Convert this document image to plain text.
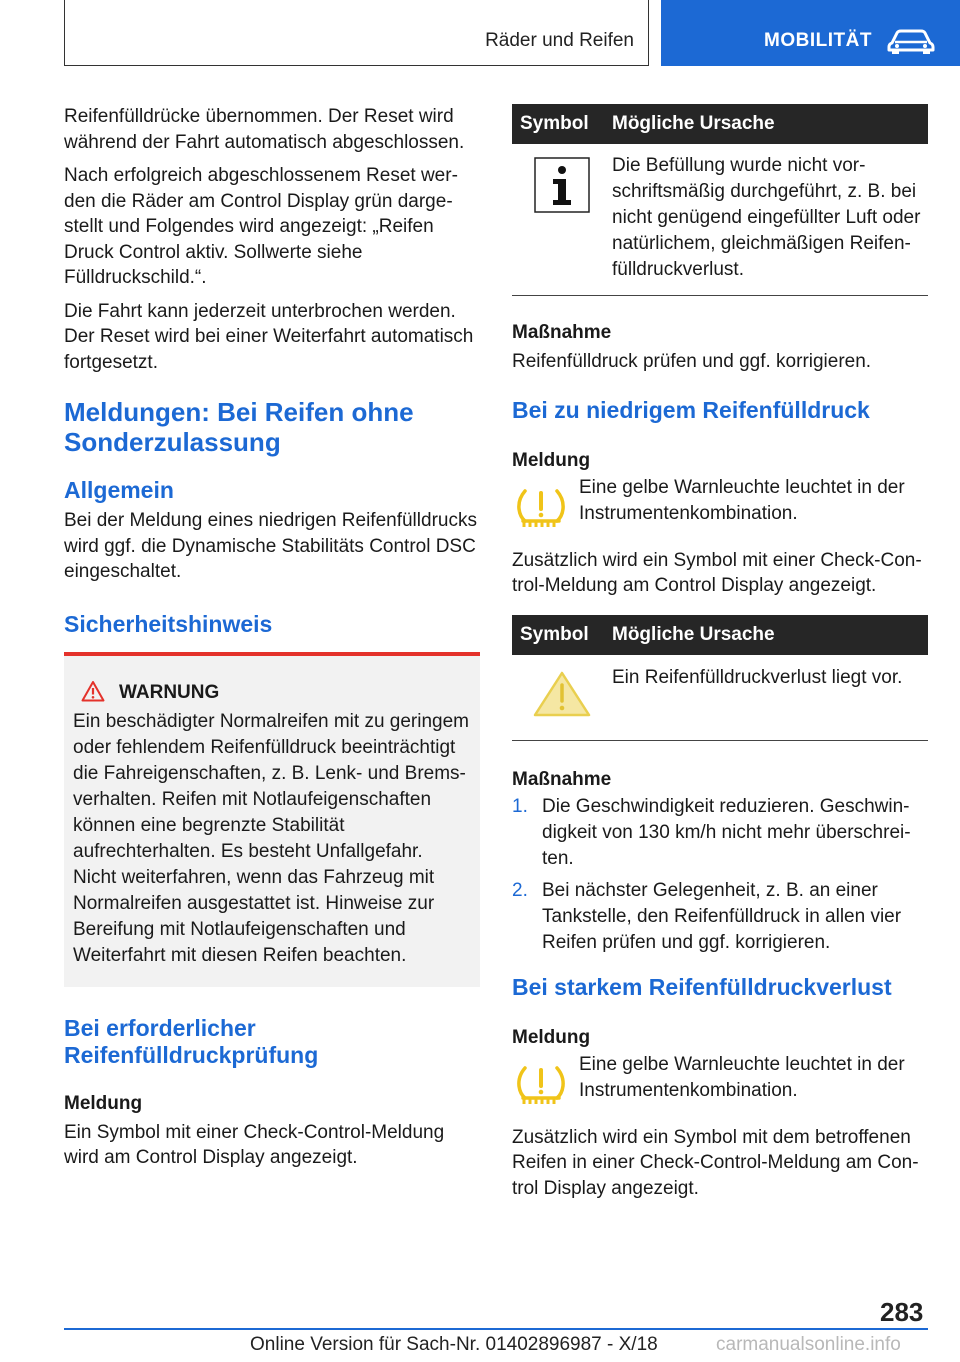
Räder und Reifen	MOBILITÄT

Reifenfülldrücke übernommen. Der Reset wird während der Fahrt automatisch abgeschlossen.

Nach erfolgreich abgeschlossenem Reset werden die Räder am Control Display grün dargestellt und Folgendes wird angezeigt: „Reifen Druck Control aktiv. Sollwerte siehe Fülldruckschild.“.

Die Fahrt kann jederzeit unterbrochen werden. Der Reset wird bei einer Weiterfahrt automatisch fortgesetzt.

Meldungen: Bei Reifen ohne Sonderzulassung
Allgemein

Bei der Meldung eines niedrigen Reifenfülldrucks wird ggf. die Dynamische Stabilitäts Control DSC eingeschaltet.

Sicherheitshinweis
WARNUNG

Ein beschädigter Normalreifen mit zu geringem oder fehlendem Reifenfülldruck beeinträchtigt die Fahreigenschaften, z. B. Lenk- und Bremsverhalten. Reifen mit Notlaufeigenschaften können eine begrenzte Stabilität aufrechterhalten. Es besteht Unfallgefahr. Nicht weiterfahren, wenn das Fahrzeug mit Normalreifen ausgestattet ist. Hinweise zur Bereifung mit Notlaufeigenschaften und Weiterfahrt mit diesen Reifen beachten.

Bei erforderlicher Reifenfülldruckprüfung
Meldung

Ein Symbol mit einer Check-Control-Meldung wird am Control Display angezeigt.

Symbol	Mögliche Ursache
Die Befüllung wurde nicht vorschriftsmäßig durchgeführt, z. B. bei nicht genügend eingefüllter Luft oder natürlichem, gleichmäßigen Reifenfülldruckverlust.
Maßnahme

Reifenfülldruck prüfen und ggf. korrigieren.

Bei zu niedrigem Reifenfülldruck
Meldung
Eine gelbe Warnleuchte leuchtet in der Instrumentenkombination.

Zusätzlich wird ein Symbol mit einer Check-Control-Meldung am Control Display angezeigt.

Symbol	Mögliche Ursache
Ein Reifenfülldruckverlust liegt vor.
Maßnahme
1. Die Geschwindigkeit reduzieren. Geschwindigkeit von 130 km/h nicht mehr überschreiten.
2. Bei nächster Gelegenheit, z. B. an einer Tankstelle, den Reifenfülldruck in allen vier Reifen prüfen und ggf. korrigieren.
Bei starkem Reifenfülldruckverlust
Meldung
Eine gelbe Warnleuchte leuchtet in der Instrumentenkombination.

Zusätzlich wird ein Symbol mit dem betroffenen Reifen in einer Check-Control-Meldung am Control Display angezeigt.

283
Online Version für Sach-Nr. 01402896987 - X/18	carmanualsonline.info
